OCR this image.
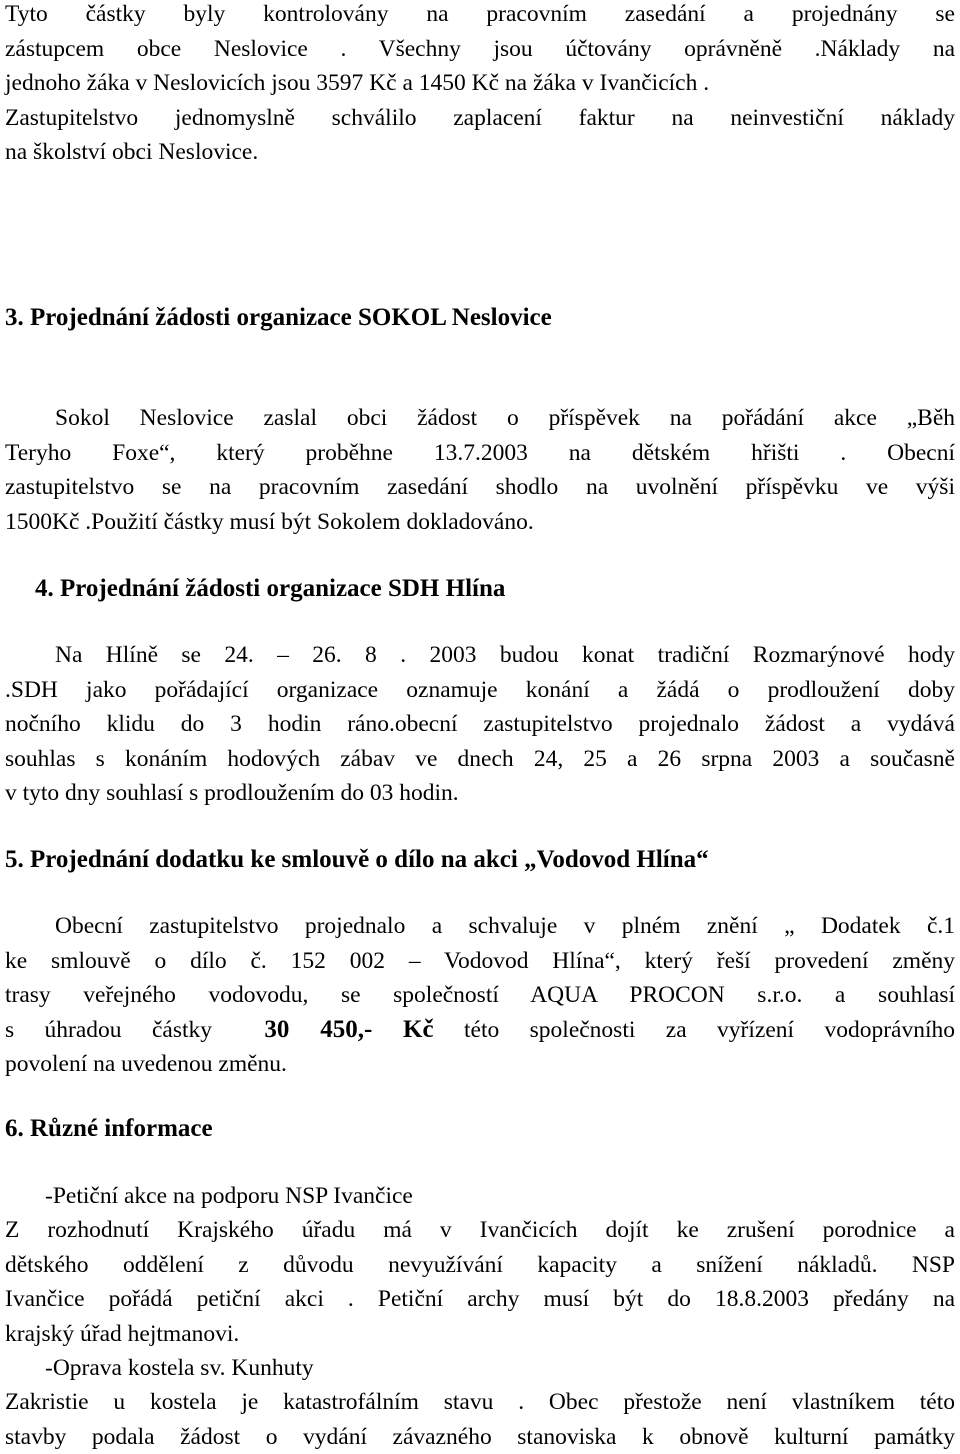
Tyto částky byly kontrolovány na pracovním zasedání a projednány se
zástupcem obce Neslovice . Všechny jsou účtovány oprávněně .Náklady na
jednoho žáka v Neslovicích jsou 3597 Kč a 1450 Kč na žáka v Ivančicích .
Zastupitelstvo jednomyslně schválilo zaplacení faktur na neinvestiční náklady
na školství obci Neslovice.
3. Projednání žádosti organizace SOKOL Neslovice
Sokol Neslovice zaslal obci žádost o příspěvek na pořádání akce „Běh
Teryho Foxe“, který proběhne 13.7.2003 na dětském hřišti . Obecní
zastupitelstvo se na pracovním zasedání shodlo na uvolnění příspěvku ve výši
1500Kč .Použití částky musí být Sokolem dokladováno.
4. Projednání žádosti organizace SDH Hlína
Na Hlíně se 24. – 26. 8 . 2003 budou konat tradiční Rozmarýnové hody
.SDH jako pořádající organizace oznamuje konání a žádá o prodloužení doby
nočního klidu do 3 hodin ráno.obecní zastupitelstvo projednalo žádost a vydává
souhlas s konáním hodových zábav ve dnech 24, 25 a 26 srpna 2003 a současně
v tyto dny souhlasí s prodloužením do 03 hodin.
5. Projednání dodatku ke smlouvě o dílo na akci „Vodovod Hlína“
Obecní zastupitelstvo projednalo a schvaluje v plném znění „ Dodatek č.1
ke smlouvě o dílo č. 152 002 – Vodovod Hlína“, který řeší provedení změny
trasy veřejného vodovodu, se společností AQUA PROCON s.r.o. a souhlasí
s úhradou částky 30 450,- Kč této společnosti za vyřízení vodoprávního
povolení na uvedenou změnu.
6. Různé informace
-Petiční akce na podporu NSP Ivančice
Z rozhodnutí Krajského úřadu má v Ivančicích dojít ke zrušení porodnice a
dětského oddělení z důvodu nevyužívání kapacity a snížení nákladů. NSP
Ivančice pořádá petiční akci . Petiční archy musí být do 18.8.2003 předány na
krajský úřad hejtmanovi.
-Oprava kostela sv. Kunhuty
Zakristie u kostela je katastrofálním stavu . Obec přestože není vlastníkem této
stavby podala žádost o vydání závazného stanoviska k obnově kulturní památky
